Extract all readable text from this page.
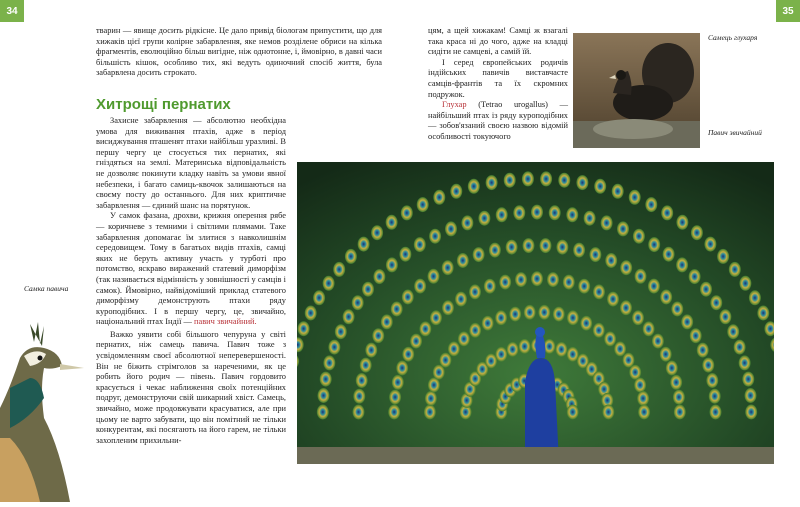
34	35

тварин — явище досить рідкісне. Це дало привід біологам припустити, що для хижаків цієї групи колірне забарвлення, яке немов розділене обриси на кілька фрагментів, еволюційно більш вигідне, ніж однотонне, і, ймовірно, в давні часи більшість кішок, особливо тих, які ведуть одиночний спосіб життя, була забарвлена досить строкато.

Хитрощі пернатих

Захисне забарвлення — абсолютно необхідна умова для виживання птахів, адже в період висиджування пташенят птахи найбільш уразливі. В першу чергу це стосується тих пернатих, які гніздяться на землі. Материнська відповідальність не дозволяє покинути кладку навіть за умови явної небезпеки, і багато самиць-квочок залишаються на своєму посту до останнього. Для них криптичне забарвлення — єдиний шанс на порятунок.

У самок фазана, дрохви, крижня оперення рябе — коричневе з темними і світлими плямами. Таке забарвлення допомагає їм злитися з навколишнім середовищем. Тому в багатьох видів птахів, самці яких не беруть активну участь у турботі про потомство, яскраво виражений статевий диморфізм (так називається відмінність у зовнішності у самців і самок). Ймовірно, найвідоміший приклад статевого диморфізму демонструють птахи ряду куроподібних. І в першу чергу, це, звичайно, національний птах Індії — павич звичайний.

Важко уявити собі більшого чепуруна у світі пернатих, ніж самець павича. Павич тоже з усвідомленням своєї абсолютної неперевершеності. Він не біжить стрімголов за нареченими, як це робить його родич — півень. Павич гордовито красується і чекає наближення своїх потенційних подруг, демонструючи свій шикарний хвіст. Самець, звичайно, може продовжувати красуватися, але при цьому не варто забувати, що він помітний не тільки конкурентам, які посягають на його гарем, не тільки захопленим прихильни-

цям, а щей хижакам! Самці ж взагалі така краса ні до чого, адже на кладці сидіти не самцеві, а самій їй.

І серед європейських родичів індійських павичів виставчасте самців-франтів та їх скромних подружок.

Глухар (Tetrao urogallus) — найбільший птах із ряду куроподібних — зобов'язаний своєю назвою відомій особливості токуючого

Самець глухаря
Павич звичайний
Самка павича
